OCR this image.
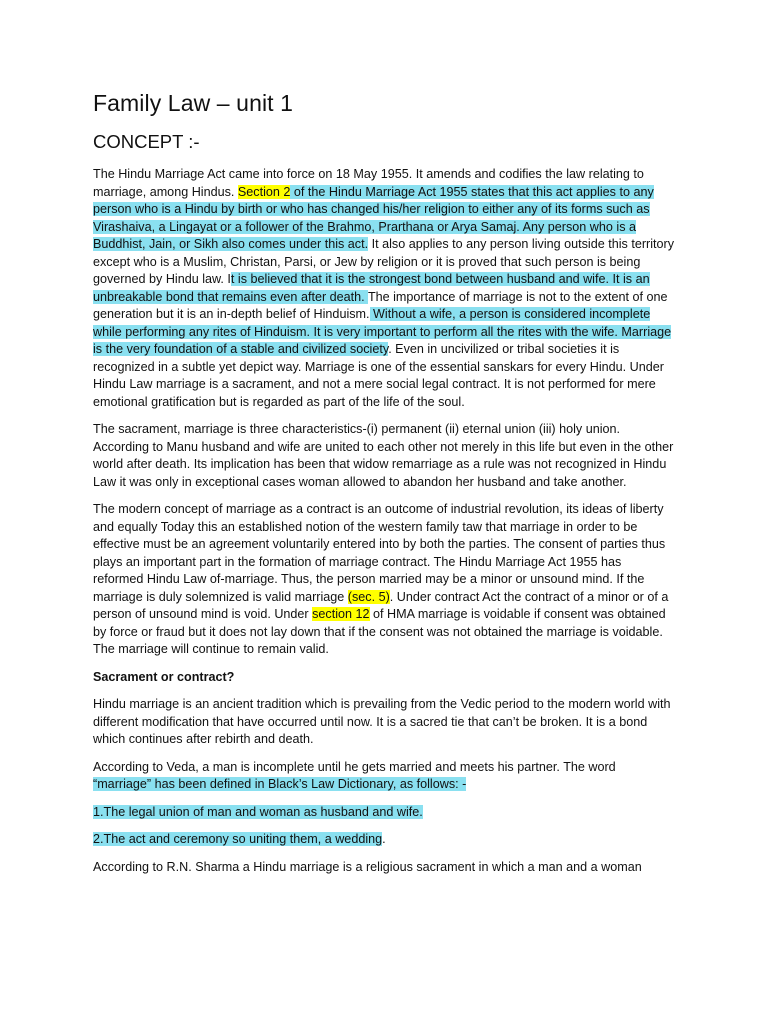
Family Law – unit 1
CONCEPT :-

The Hindu Marriage Act came into force on 18 May 1955. It amends and codifies the law relating to marriage, among Hindus. Section 2 of the Hindu Marriage Act 1955 states that this act applies to any person who is a Hindu by birth or who has changed his/her religion to either any of its forms such as Virashaiva, a Lingayat or a follower of the Brahmo, Prarthana or Arya Samaj. Any person who is a Buddhist, Jain, or Sikh also comes under this act. It also applies to any person living outside this territory except who is a Muslim, Christan, Parsi, or Jew by religion or it is proved that such person is being governed by Hindu law. It is believed that it is the strongest bond between husband and wife. It is an unbreakable bond that remains even after death. The importance of marriage is not to the extent of one generation but it is an in-depth belief of Hinduism. Without a wife, a person is considered incomplete while performing any rites of Hinduism. It is very important to perform all the rites with the wife. Marriage is the very foundation of a stable and civilized society. Even in uncivilized or tribal societies it is recognized in a subtle yet depict way. Marriage is one of the essential sanskars for every Hindu. Under Hindu Law marriage is a sacrament, and not a mere social legal contract. It is not performed for mere emotional gratification but is regarded as part of the life of the soul.

The sacrament, marriage is three characteristics-(i) permanent (ii) eternal union (iii) holy union. According to Manu husband and wife are united to each other not merely in this life but even in the other world after death. Its implication has been that widow remarriage as a rule was not recognized in Hindu Law it was only in exceptional cases woman allowed to abandon her husband and take another.

The modern concept of marriage as a contract is an outcome of industrial revolution, its ideas of liberty and equally Today this an established notion of the western family taw that marriage in order to be effective must be an agreement voluntarily entered into by both the parties. The consent of parties thus plays an important part in the formation of marriage contract. The Hindu Marriage Act 1955 has reformed Hindu Law of-marriage. Thus, the person married may be a minor or unsound mind. If the marriage is duly solemnized is valid marriage (sec. 5). Under contract Act the contract of a minor or of a person of unsound mind is void. Under section 12 of HMA marriage is voidable if consent was obtained by force or fraud but it does not lay down that if the consent was not obtained the marriage is voidable. The marriage will continue to remain valid.

Sacrament or contract?

Hindu marriage is an ancient tradition which is prevailing from the Vedic period to the modern world with different modification that have occurred until now. It is a sacred tie that can’t be broken. It is a bond which continues after rebirth and death.

According to Veda, a man is incomplete until he gets married and meets his partner. The word “marriage” has been defined in Black’s Law Dictionary, as follows: -

1.The legal union of man and woman as husband and wife.

2.The act and ceremony so uniting them, a wedding.

According to R.N. Sharma a Hindu marriage is a religious sacrament in which a man and a woman
